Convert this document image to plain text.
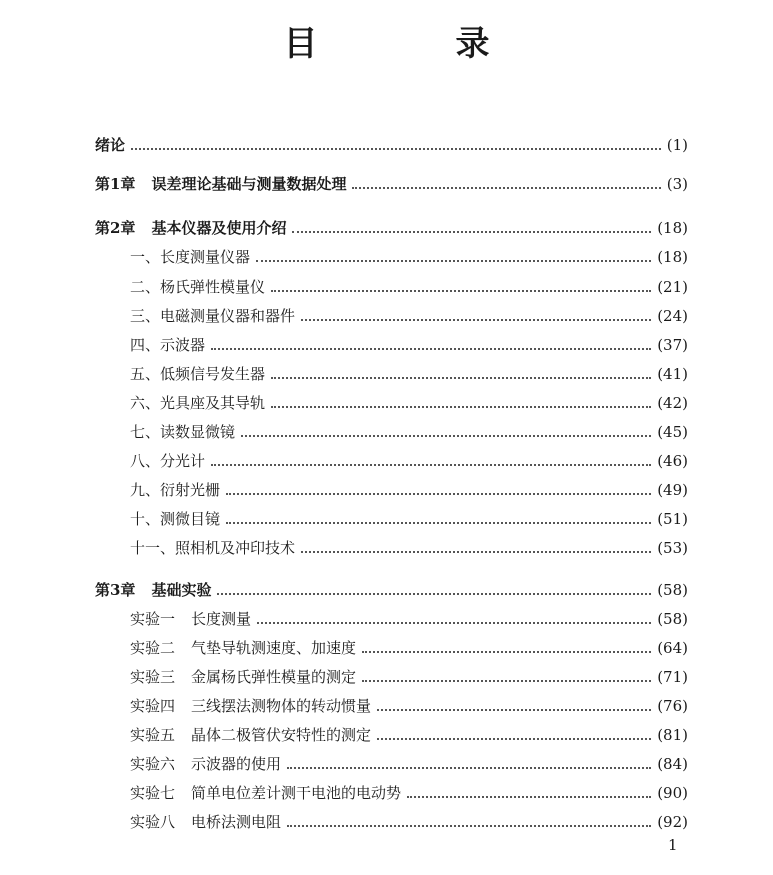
目　录
绪论	(1)
第1章 误差理论基础与测量数据处理	(3)
第2章 基本仪器及使用介绍	(18)
一、长度测量仪器	(18)
二、杨氏弹性模量仪	(21)
三、电磁测量仪器和器件	(24)
四、示波器	(37)
五、低频信号发生器	(41)
六、光具座及其导轨	(42)
七、读数显微镜	(45)
八、分光计	(46)
九、衍射光栅	(49)
十、测微目镜	(51)
十一、照相机及冲印技术	(53)
第3章 基础实验	(58)
实验一 长度测量	(58)
实验二 气垫导轨测速度、加速度	(64)
实验三 金属杨氏弹性模量的测定	(71)
实验四 三线摆法测物体的转动惯量	(76)
实验五 晶体二极管伏安特性的测定	(81)
实验六 示波器的使用	(84)
实验七 简单电位差计测干电池的电动势	(90)
实验八 电桥法测电阻	(92)
1
